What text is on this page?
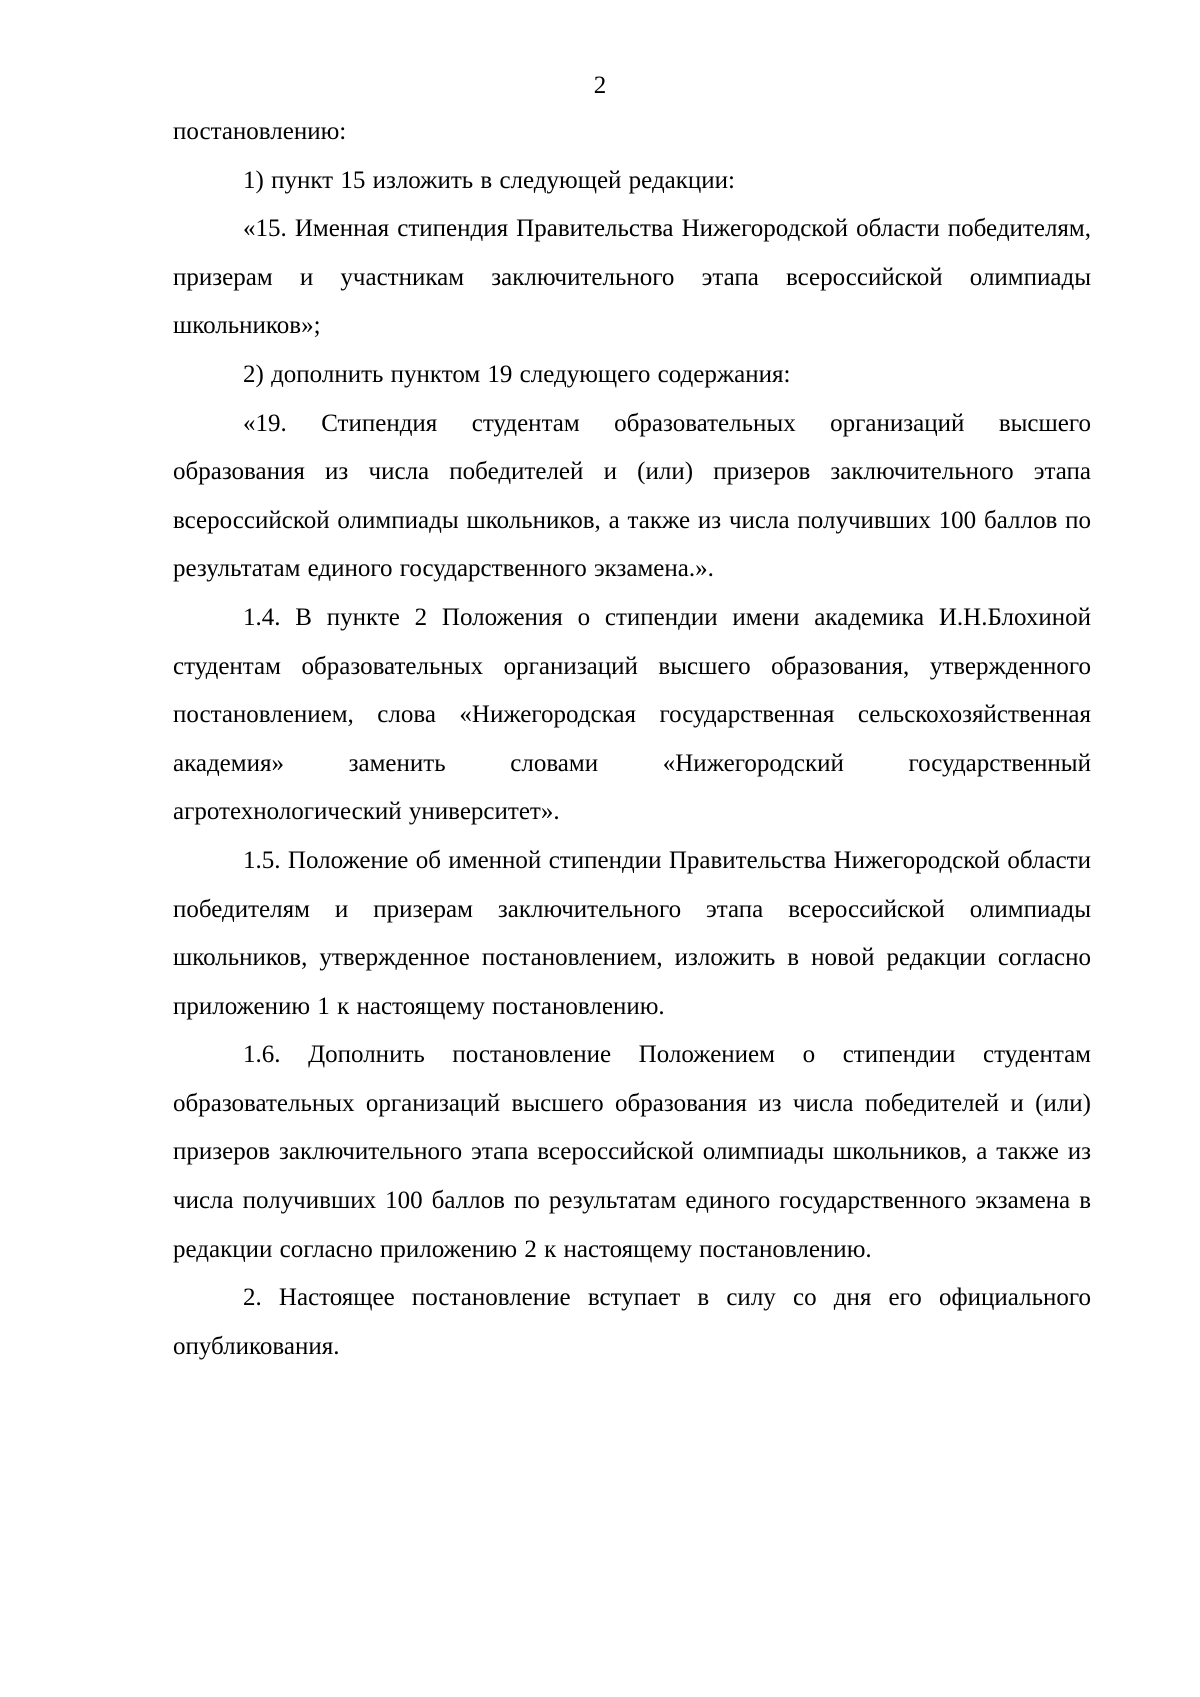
2

постановлению:

1) пункт 15 изложить в следующей редакции:

«15. Именная стипендия Правительства Нижегородской области победителям, призерам и участникам заключительного этапа всероссийской олимпиады школьников»;

2) дополнить пунктом 19 следующего содержания:

«19. Стипендия студентам образовательных организаций высшего образования из числа победителей и (или) призеров заключительного этапа всероссийской олимпиады школьников, а также из числа получивших 100 баллов по результатам единого государственного экзамена.».

1.4. В пункте 2 Положения о стипендии имени академика И.Н.Блохиной студентам образовательных организаций высшего образования, утвержденного постановлением, слова «Нижегородская государственная сельскохозяйственная академия» заменить словами «Нижегородский государственный агротехнологический университет».

1.5. Положение об именной стипендии Правительства Нижегородской области победителям и призерам заключительного этапа всероссийской олимпиады школьников, утвержденное постановлением, изложить в новой редакции согласно приложению 1 к настоящему постановлению.

1.6. Дополнить постановление Положением о стипендии студентам образовательных организаций высшего образования из числа победителей и (или) призеров заключительного этапа всероссийской олимпиады школьников, а также из числа получивших 100 баллов по результатам единого государственного экзамена в редакции согласно приложению 2 к настоящему постановлению.

2. Настоящее постановление вступает в силу со дня его официального опубликования.
